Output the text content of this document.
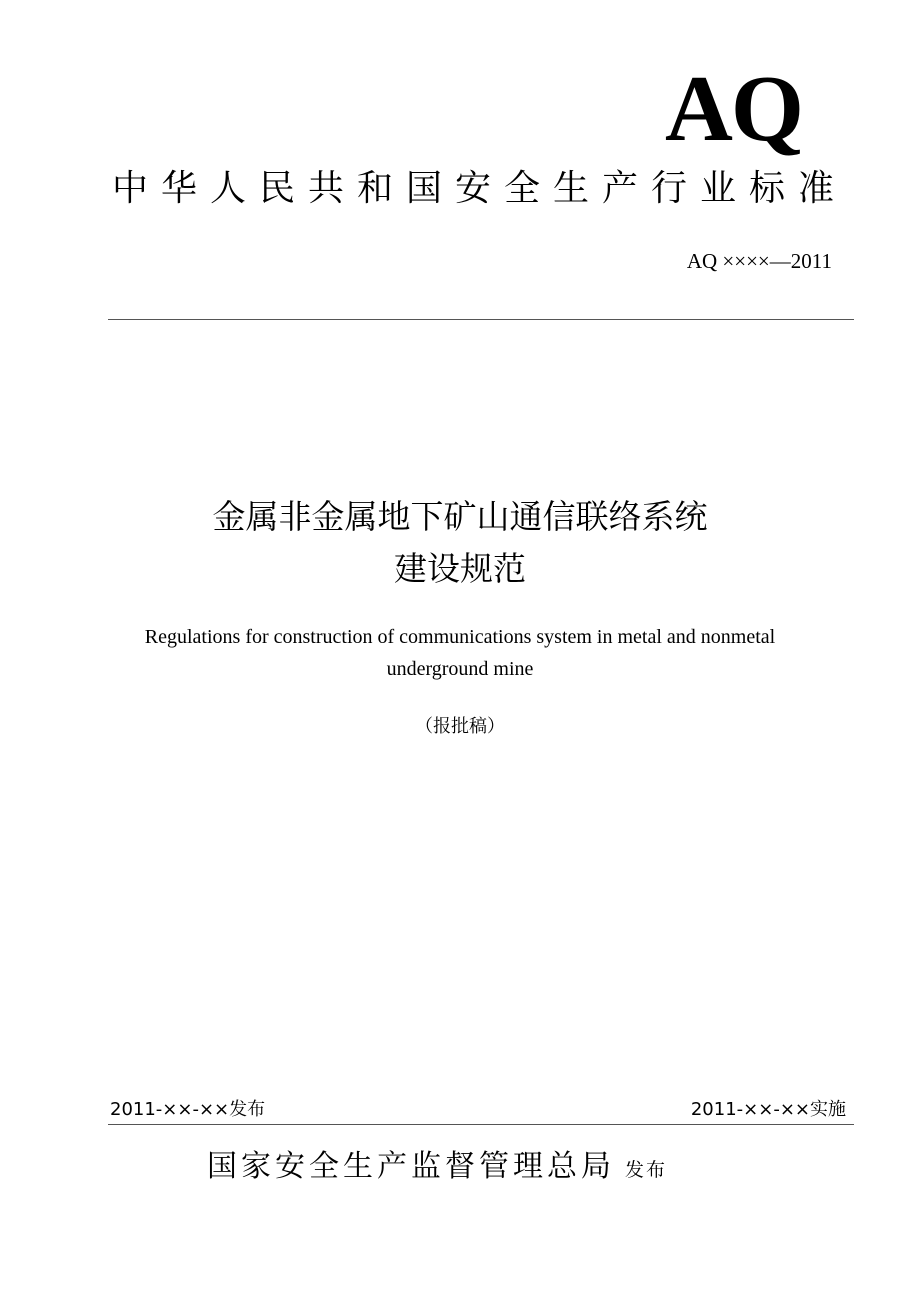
AQ
中华人民共和国安全生产行业标准
AQ ××××—2011
金属非金属地下矿山通信联络系统
建设规范
Regulations for construction of communications system in metal and nonmetal
underground mine
（报批稿）
2011-××-××发布	2011-××-××实施
国家安全生产监督管理总局 发布
